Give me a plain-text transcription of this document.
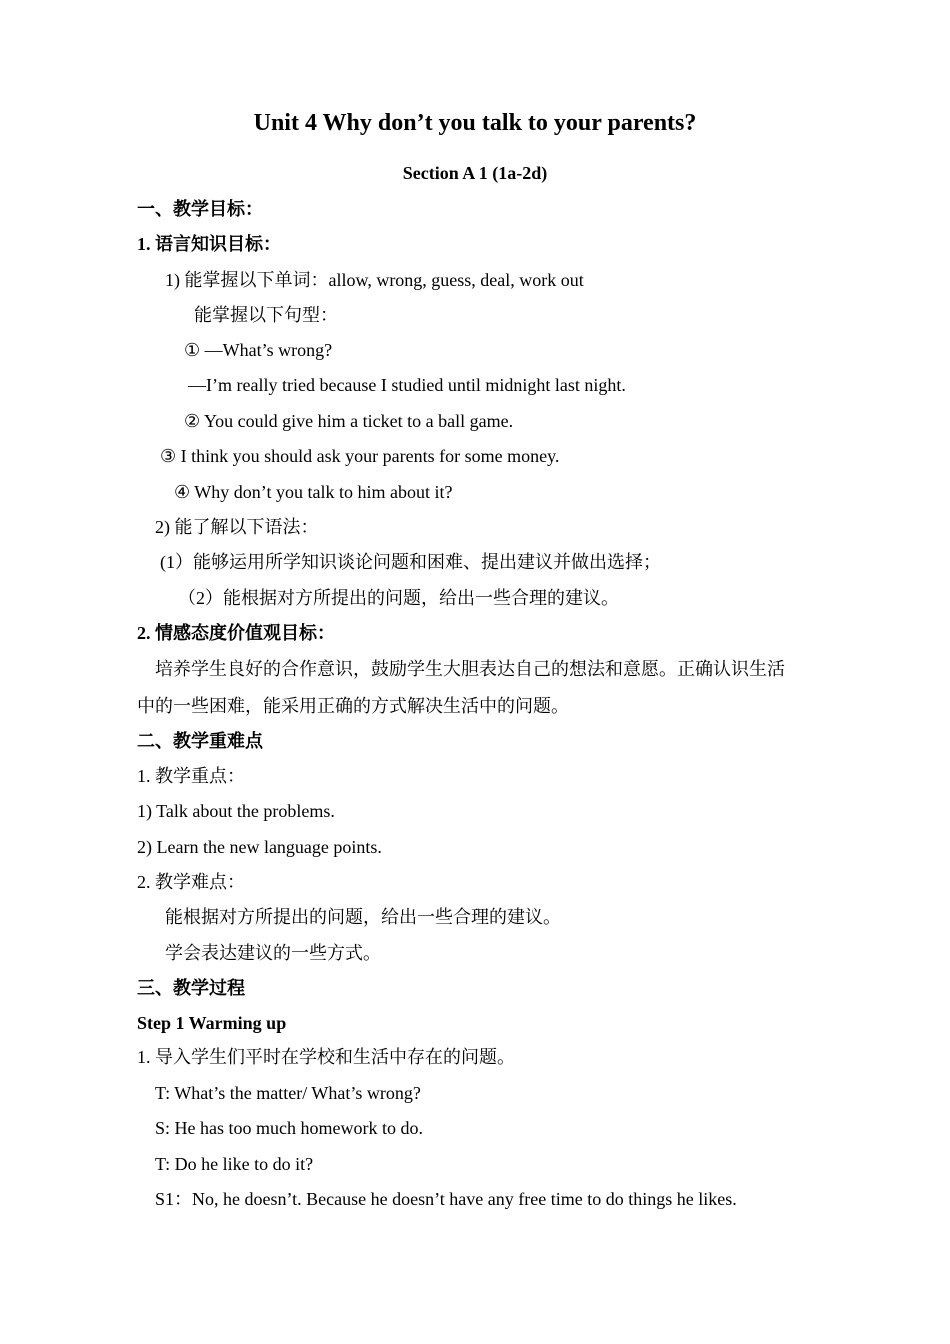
Unit 4 Why don’t you talk to your parents?
Section A 1 (1a-2d)
一、教学目标：
1. 语言知识目标：
1) 能掌握以下单词：allow, wrong, guess, deal, work out
能掌握以下句型：
① —What’s wrong?
—I’m really tried because I studied until midnight last night.
② You could give him a ticket to a ball game.
③ I think you should ask your parents for some money.
④ Why don’t you talk to him about it?
2) 能了解以下语法：
(1）能够运用所学知识谈论问题和困难、提出建议并做出选择；
（2）能根据对方所提出的问题，给出一些合理的建议。
2. 情感态度价值观目标：
培养学生良好的合作意识，鼓励学生大胆表达自己的想法和意愿。正确认识生活
中的一些困难，能采用正确的方式解决生活中的问题。
二、教学重难点
1. 教学重点：
1) Talk about the problems.
2) Learn the new language points.
2. 教学难点：
能根据对方所提出的问题，给出一些合理的建议。
学会表达建议的一些方式。
三、教学过程
Step 1 Warming up
1. 导入学生们平时在学校和生活中存在的问题。
T: What’s the matter/ What’s wrong?
S: He has too much homework to do.
T: Do he like to do it?
S1：No, he doesn’t. Because he doesn’t have any free time to do things he likes.
